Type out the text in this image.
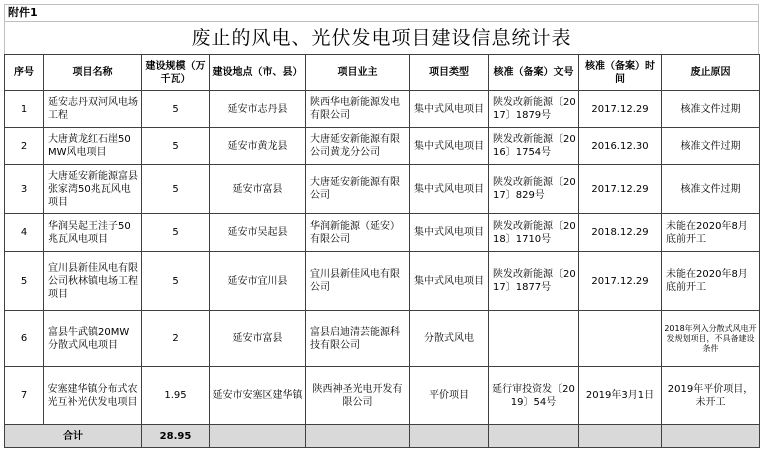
附件1
废止的风电、光伏发电项目建设信息统计表
序号	项目名称	建设规模（万千瓦）	建设地点（市、县）	项目业主	项目类型	核准（备案）文号	核准（备案）时间	废止原因
1	延安志丹双河风电场工程	5	延安市志丹县	陕西华电新能源发电有限公司	集中式风电项目	陕发改新能源〔2017〕1879号	2017.12.29	核准文件过期
2	大唐黄龙红石崖50MW风电项目	5	延安市黄龙县	大唐延安新能源有限公司黄龙分公司	集中式风电项目	陕发改新能源〔2016〕1754号	2016.12.30	核准文件过期
3	大唐延安新能源富县张家湾50兆瓦风电项目	5	延安市富县	大唐延安新能源有限公司	集中式风电项目	陕发改新能源〔2017〕829号	2017.12.29	核准文件过期
4	华润吴起王洼子50兆瓦风电项目	5	延安市吴起县	华润新能源（延安）有限公司	集中式风电项目	陕发改新能源〔2018〕1710号	2018.12.29	未能在2020年8月底前开工
5	宜川县新佳风电有限公司秋林镇电场工程项目	5	延安市宜川县	宜川县新佳风电有限公司	集中式风电项目	陕发改新能源〔2017〕1877号	2017.12.29	未能在2020年8月底前开工
6	富县牛武镇20MW分散式风电项目	2	延安市富县	富县启迪清芸能源科技有限公司	分散式风电			2018年列入分散式风电开发规划项目，不具备建设条件
7	安塞建华镇分布式农光互补光伏发电项目	1.95	延安市安塞区建华镇	陕西神圣光电开发有限公司	平价项目	延行审投资发〔2019〕54号	2019年3月1日	2019年平价项目，未开工
合计		28.95						
